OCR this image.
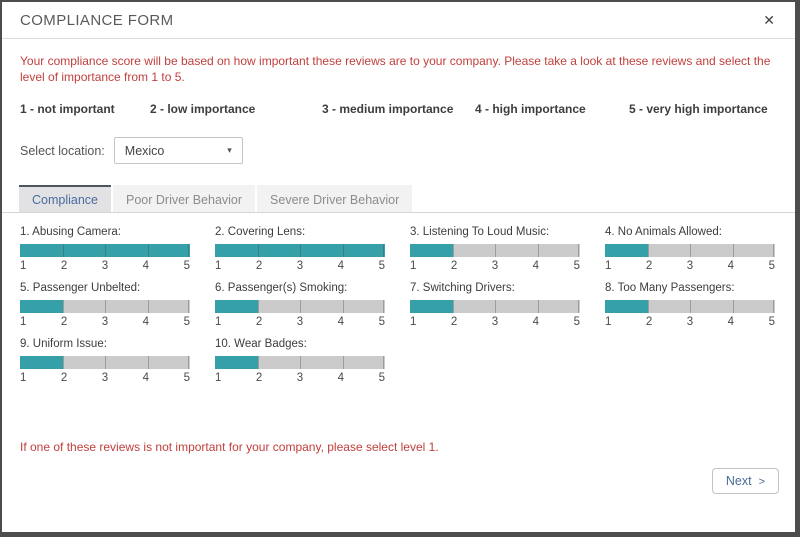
COMPLIANCE FORM	✕

Your compliance score will be based on how important these reviews are to your company. Please take a look at these reviews and select the level of importance from 1 to 5.

1 - not important	2 - low importance	3 - medium importance	4 - high importance	5 - very high importance
Select location: Mexico	▾
Compliance	Poor Driver Behavior	Severe Driver Behavior
1. Abusing Camera:
1	2	3	4	5
2. Covering Lens:
1	2	3	4	5
3. Listening To Loud Music:
1	2	3	4	5
4. No Animals Allowed:
1	2	3	4	5
5. Passenger Unbelted:
1	2	3	4	5
6. Passenger(s) Smoking:
1	2	3	4	5
7. Switching Drivers:
1	2	3	4	5
8. Too Many Passengers:
1	2	3	4	5
9. Uniform Issue:
1	2	3	4	5
10. Wear Badges:
1	2	3	4	5

If one of these reviews is not important for your company, please select level 1.

Next >
